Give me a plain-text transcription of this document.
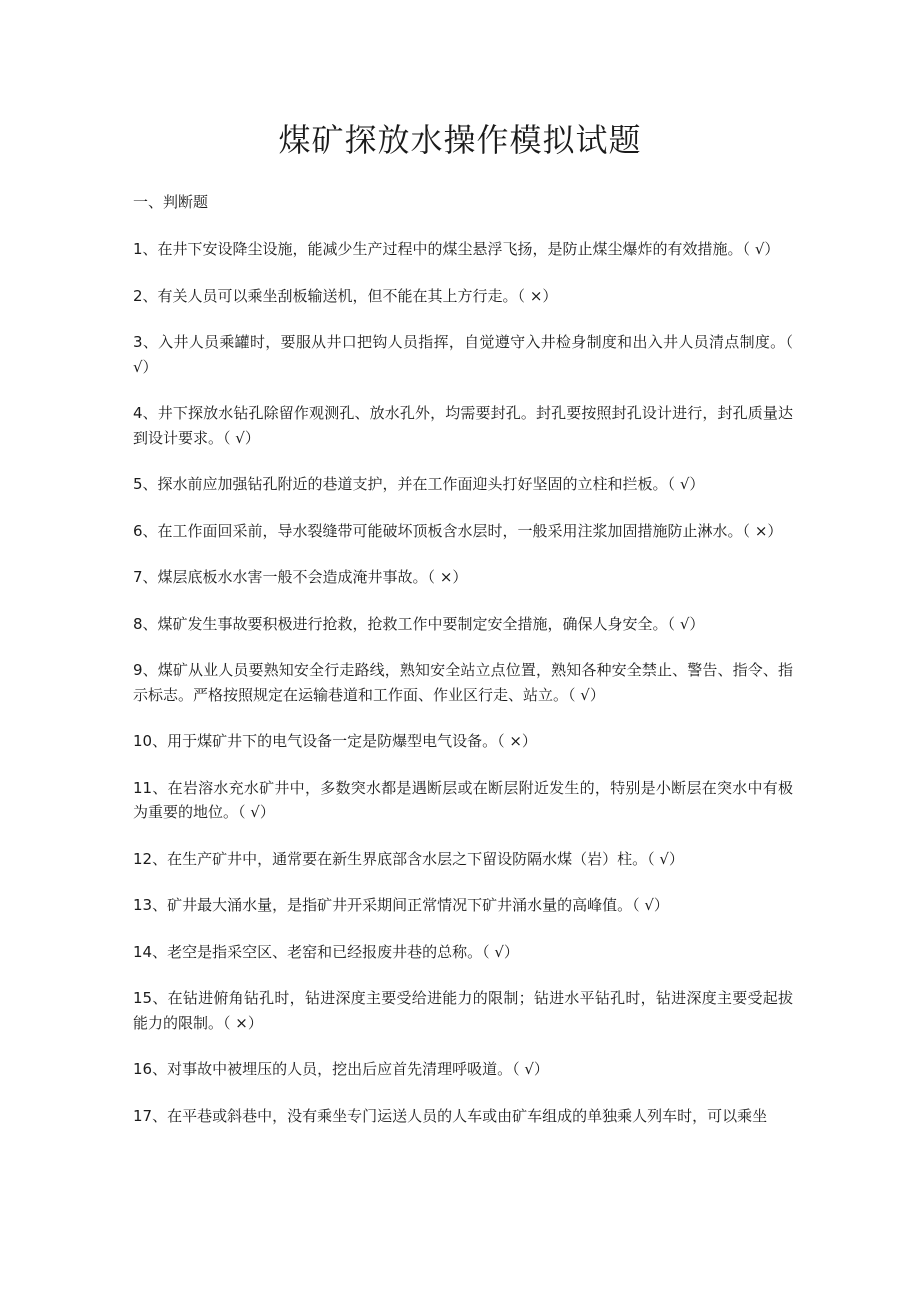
煤矿探放水操作模拟试题

一、判断题

1、在井下安设降尘设施，能减少生产过程中的煤尘悬浮飞扬，是防止煤尘爆炸的有效措施。（ √）
2、有关人员可以乘坐刮板输送机，但不能在其上方行走。（ ×）
3、入井人员乘罐时，要服从井口把钩人员指挥，自觉遵守入井检身制度和出入井人员清点制度。（ √）
4、井下探放水钻孔除留作观测孔、放水孔外，均需要封孔。封孔要按照封孔设计进行，封孔质量达到设计要求。（ √）
5、探水前应加强钻孔附近的巷道支护，并在工作面迎头打好坚固的立柱和拦板。（ √）
6、在工作面回采前，导水裂缝带可能破坏顶板含水层时，一般采用注浆加固措施防止淋水。（ ×）
7、煤层底板水水害一般不会造成淹井事故。（ ×）
8、煤矿发生事故要积极进行抢救，抢救工作中要制定安全措施，确保人身安全。（ √）
9、煤矿从业人员要熟知安全行走路线，熟知安全站立点位置，熟知各种安全禁止、警告、指令、指示标志。严格按照规定在运输巷道和工作面、作业区行走、站立。（ √）
10、用于煤矿井下的电气设备一定是防爆型电气设备。（ ×）
11、在岩溶水充水矿井中，多数突水都是遇断层或在断层附近发生的，特别是小断层在突水中有极为重要的地位。（ √）
12、在生产矿井中，通常要在新生界底部含水层之下留设防隔水煤（岩）柱。（ √）
13、矿井最大涌水量，是指矿井开采期间正常情况下矿井涌水量的高峰值。（ √）
14、老空是指采空区、老窑和已经报废井巷的总称。（ √）
15、在钻进俯角钻孔时，钻进深度主要受给进能力的限制；钻进水平钻孔时，钻进深度主要受起拔能力的限制。（ ×）
16、对事故中被埋压的人员，挖出后应首先清理呼吸道。（ √）
17、在平巷或斜巷中，没有乘坐专门运送人员的人车或由矿车组成的单独乘人列车时，可以乘坐
